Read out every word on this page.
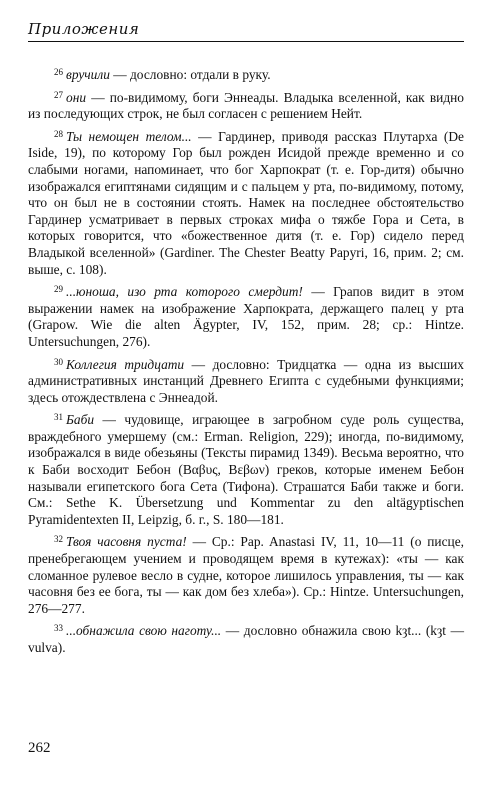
Приложения

$^{26}$ вручили — дословно: отдали в руку.

$^{27}$ они — по-видимому, боги Эннеады. Владыка вселенной, как видно из последующих строк, не был согласен с решением Нейт.

$^{28}$ Ты немощен телом... — Гардинер, приводя рассказ Плутарха (De Iside, 19), по которому Гор был рожден Исидой прежде временно и со слабыми ногами, напоминает, что бог Харпократ (т. е. Гор-дитя) обычно изображался египтянами сидящим и с пальцем у рта, по-видимому, потому, что он был не в состоянии стоять. Намек на последнее обстоятельство Гардинер усматривает в первых строках мифа о тяжбе Гора и Сета, в которых говорится, что «божественное дитя (т. е. Гор) сидело перед Владыкой вселенной» (Gardiner. The Chester Beatty Papyri, 16, прим. 2; см. выше, с. 108).

$^{29}$ ...юноша, изо рта которого смердит! — Грапов видит в этом выражении намек на изображение Харпократа, держащего палец у рта (Grapow. Wie die alten Ägypter, IV, 152, прим. 28; ср.: Hintze. Untersuchungen, 276).

$^{30}$ Коллегия тридцати — дословно: Тридцатка — одна из высших административных инстанций Древнего Египта с судебными функциями; здесь отождествлена с Эннеадой.

$^{31}$ Баби — чудовище, играющее в загробном суде роль существа, враждебного умершему (см.: Erman. Religion, 229); иногда, по-видимому, изображался в виде обезьяны (Тексты пирамид 1349). Весьма вероятно, что к Баби восходит Бебон (Βαβυς, Βεβων) греков, которые именем Бебон называли египетского бога Сета (Тифона). Страшатся Баби также и боги. См.: Sethe K. Übersetzung und Kommentar zu den altägyptischen Pyramidentexten II, Leipzig, б. г., S. 180—181.

$^{32}$ Твоя часовня пуста! — Ср.: Pap. Anastasi IV, 11, 10—11 (о писце, пренебрегающем учением и проводящем время в кутежах): «ты — как сломанное рулевое весло в судне, которое лишилось управления, ты — как часовня без ее бога, ты — как дом без хлеба»). Ср.: Hintze. Untersuchungen, 276—277.

$^{33}$ ...обнажила свою наготу... — дословно обнажила свою kȝt... (kȝt — vulva).

262
